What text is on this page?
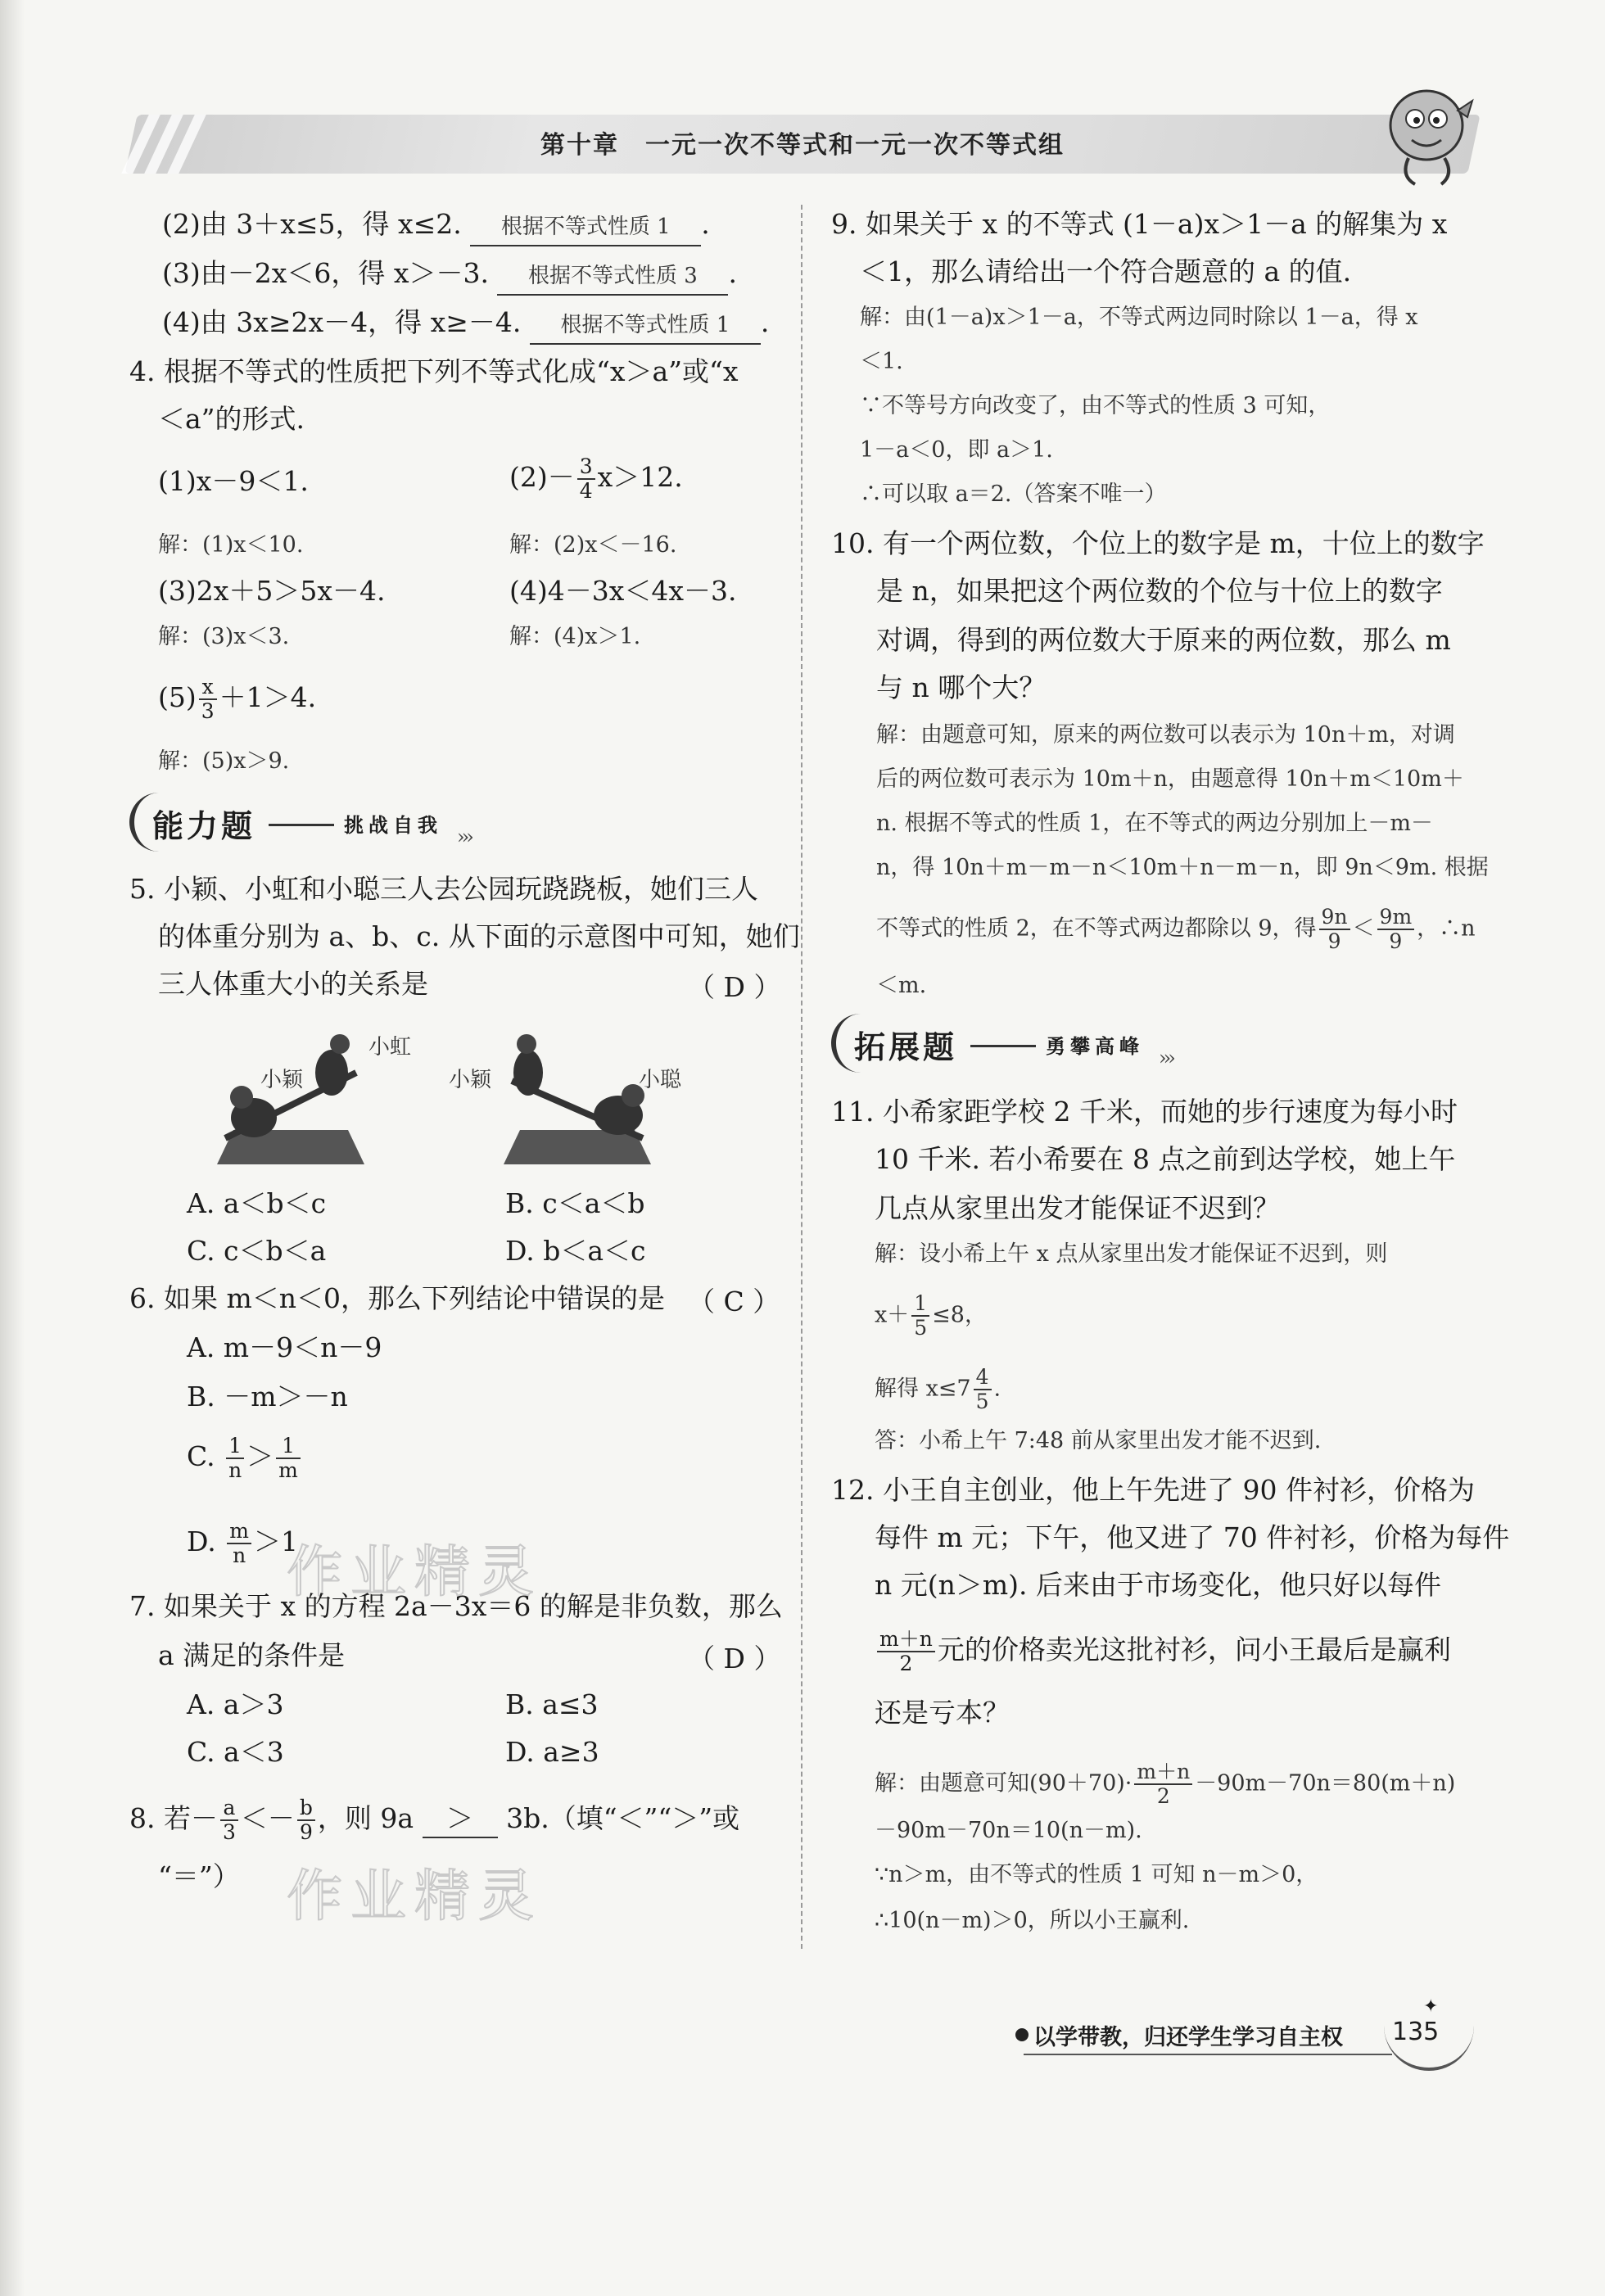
第十章　一元一次不等式和一元一次不等式组
(2)由 3＋x≤5，得 x≤2. 根据不等式性质 1 .
(3)由－2x＜6，得 x＞－3. 根据不等式性质 3 .
(4)由 3x≥2x－4，得 x≥－4. 根据不等式性质 1 .
4. 根据不等式的性质把下列不等式化成“x＞a”或“x
＜a”的形式.
(1)x－9＜1.	$(2)- \frac{3}{4} x>12$.
解：(1)x＜10.	解：(2)x＜－16.
(3)2x＋5＞5x－4.	(4)4－3x＜4x－3.
解：(3)x＜3.	解：(4)x＞1.
$(5) \frac{x}{3} +1>4$.
解：(5)x＞9.
能力题	挑战自我 ›››
5. 小颖、小虹和小聪三人去公园玩跷跷板，她们三人
的体重分别为 a、b、c. 从下面的示意图中可知，她们
三人体重大小的关系是	（ D ）
小颖
小虹
小颖	小聪
A. a＜b＜c	B. c＜a＜b
C. c＜b＜a	D. b＜a＜c
6. 如果 m＜n＜0，那么下列结论中错误的是 （ C ）
A. m－9＜n－9
B. －m＞－n
C. $\frac{1}{n} > \frac{1}{m}$
D. $\frac{m}{n} >1$
作业精灵
7. 如果关于 x 的方程 2a－3x＝6 的解是非负数，那么
a 满足的条件是	（ D ）
A. a＞3	B. a≤3
C. a＜3	D. a≥3
8. 若－ $\frac{a}{3} <- \frac{b}{9}$ ，则 9a ＞ 3b.（填“＜”“＞”或
“＝”） 作业精灵
9. 如果关于 x 的不等式 (1－a)x＞1－a 的解集为 x
＜1，那么请给出一个符合题意的 a 的值.
解：由(1－a)x＞1－a，不等式两边同时除以 1－a，得 x
＜1.
∵不等号方向改变了，由不等式的性质 3 可知，
1－a＜0，即 a＞1.
∴可以取 a＝2.（答案不唯一）
10. 有一个两位数，个位上的数字是 m，十位上的数字
是 n，如果把这个两位数的个位与十位上的数字
对调，得到的两位数大于原来的两位数，那么 m
与 n 哪个大？
解：由题意可知，原来的两位数可以表示为 10n＋m，对调
后的两位数可表示为 10m＋n，由题意得 10n＋m＜10m＋
n. 根据不等式的性质 1，在不等式的两边分别加上－m－
n，得 10n＋m－m－n＜10m＋n－m－n，即 9n＜9m. 根据
不等式的性质 2，在不等式两边都除以 9，得 $\frac{9n}{9} < \frac{9m}{9}$ ，∴n
＜m.
拓展题	勇攀高峰 ›››
11. 小希家距学校 2 千米，而她的步行速度为每小时
10 千米. 若小希要在 8 点之前到达学校，她上午
几点从家里出发才能保证不迟到？
解：设小希上午 x 点从家里出发才能保证不迟到，则
$x+ \frac{1}{5} \le 8$，
解得 $x\le 7 \frac{4}{5}$ .
答：小希上午 7:48 前从家里出发才能不迟到.
12. 小王自主创业，他上午先进了 90 件衬衫，价格为
每件 m 元；下午，他又进了 70 件衬衫，价格为每件
n 元(n＞m). 后来由于市场变化，他只好以每件
$\frac{m+n}{2}$ 元的价格卖光这批衬衫，问小王最后是赢利
还是亏本？
解：由题意可知$(90+70)\cdot \frac{m+n}{2} -90m-70n=80(m+n)$
－90m－70n＝10(n－m).
∵n＞m，由不等式的性质 1 可知 n－m＞0，
∴10(n－m)＞0，所以小王赢利.
以学带教，归还学生学习自主权
✦
135
